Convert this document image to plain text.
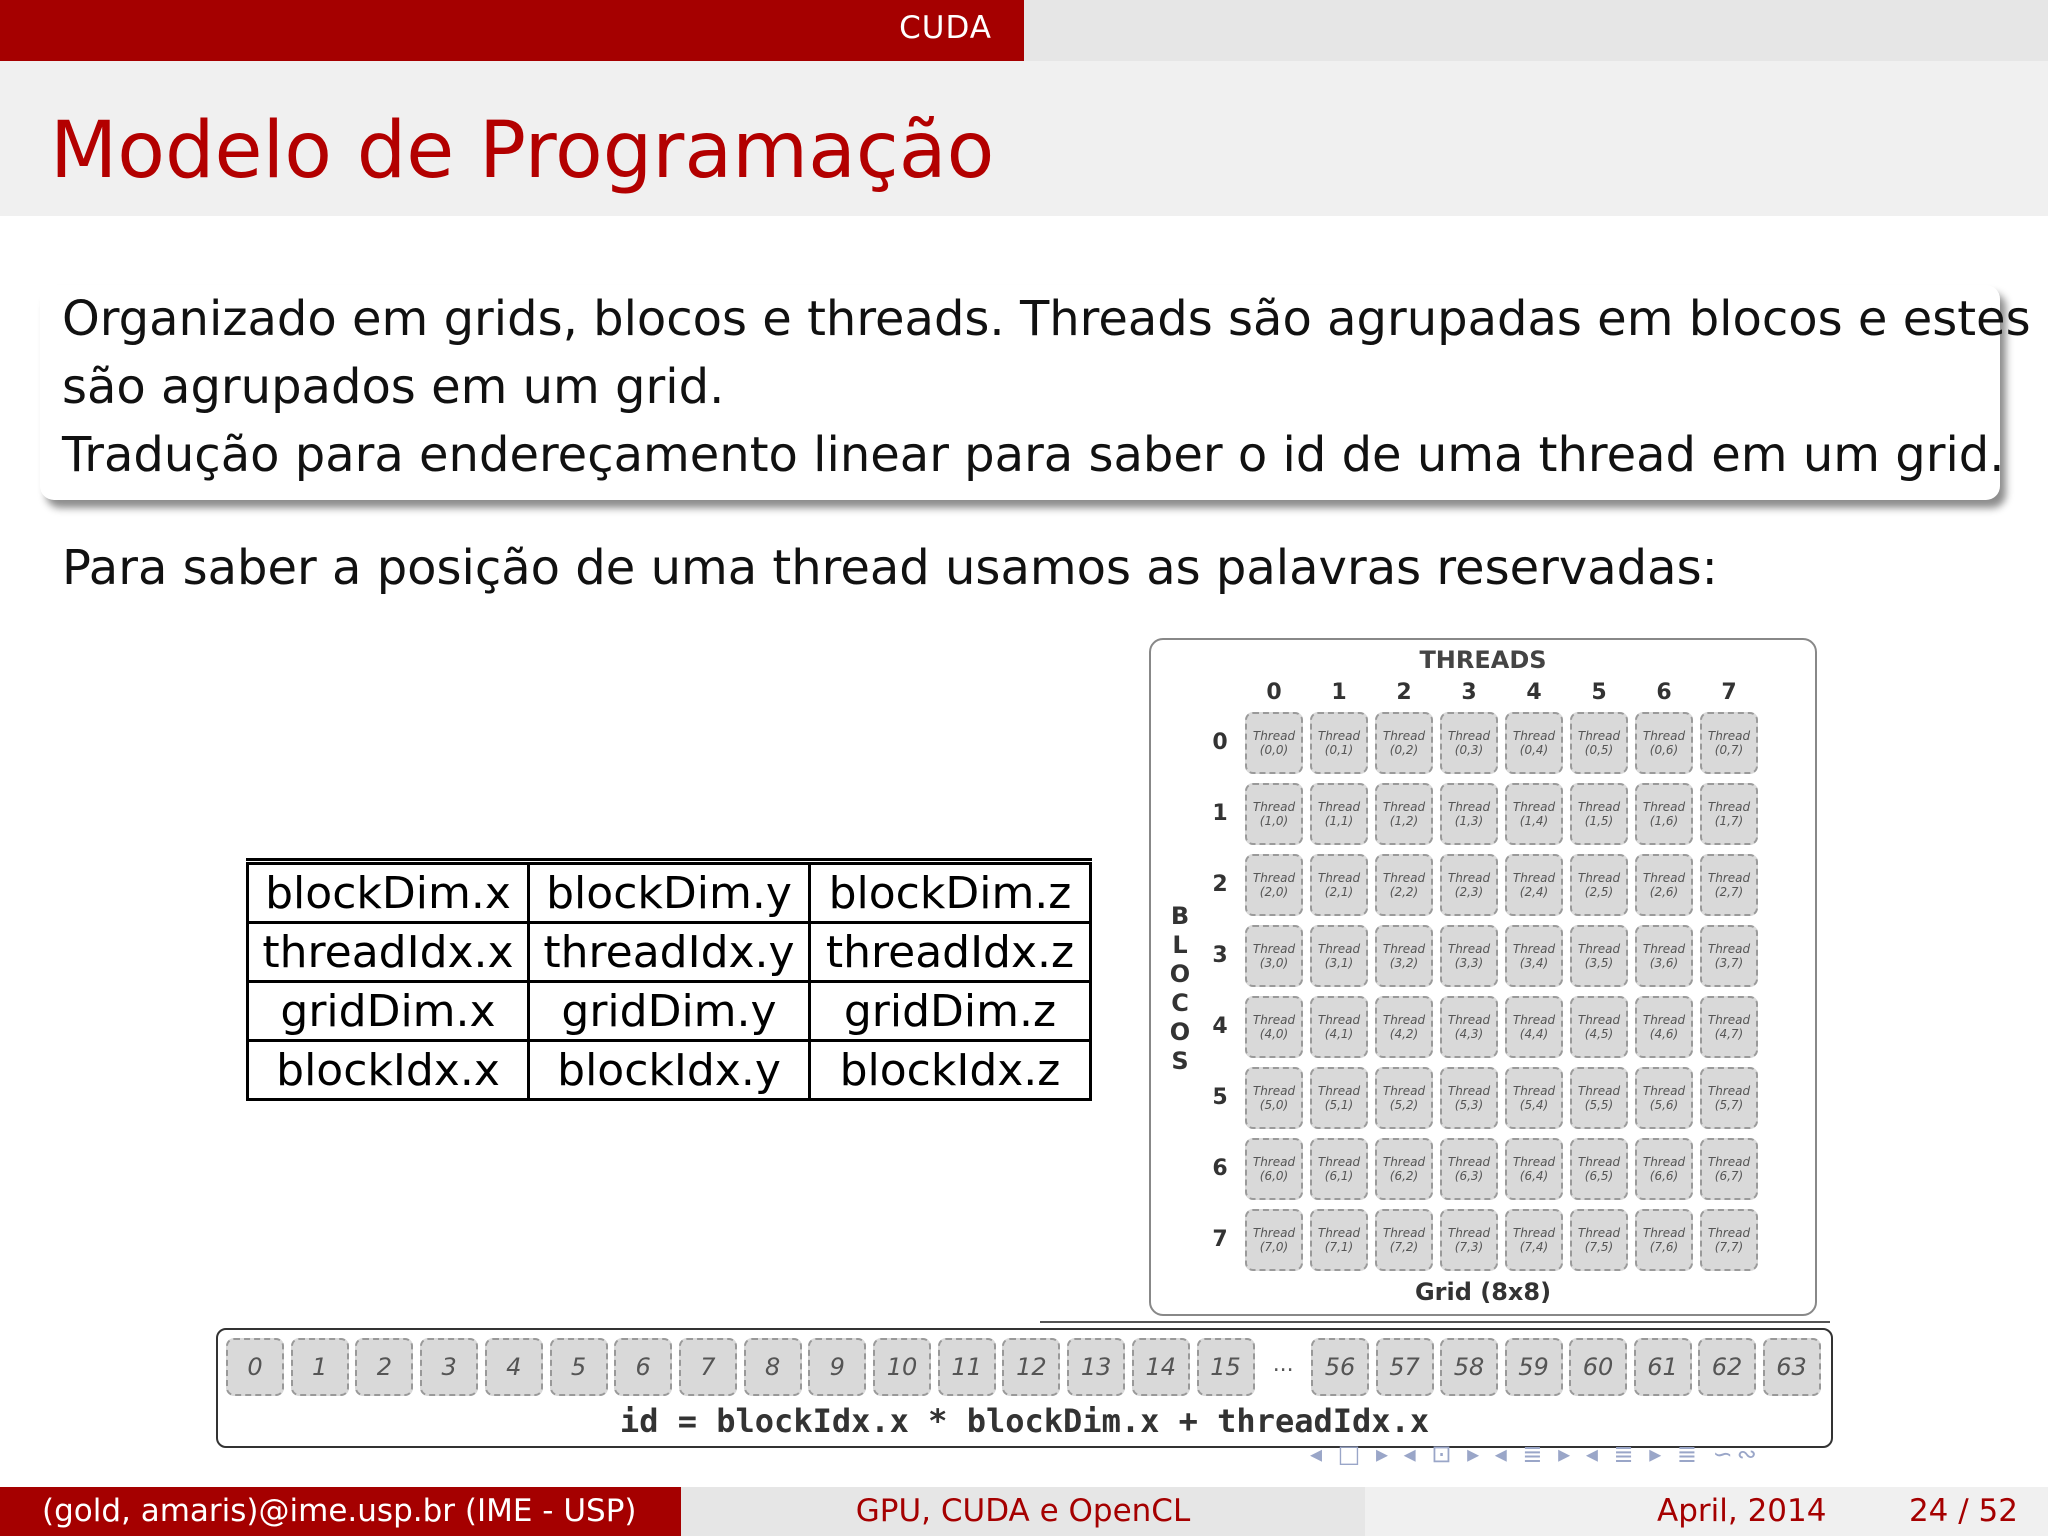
CUDA
Modelo de Programação

Organizado em grids, blocos e threads. Threads são agrupadas em blocos e estes

são agrupados em um grid.

Tradução para endereçamento linear para saber o id de uma thread em um grid.

Para saber a posição de uma thread usamos as palavras reservadas:
blockDim.x	blockDim.y	blockDim.z
threadIdx.x	threadIdx.y	threadIdx.z
gridDim.x	gridDim.y	gridDim.z
blockIdx.x	blockIdx.y	blockIdx.z
THREADS
B
L
O
C
O
S
0	1	2	3	4	5	6	7
0	Thread
(0,0)
Thread
(0,1)
Thread
(0,2)
Thread
(0,3)
Thread
(0,4)
Thread
(0,5)
Thread
(0,6)
Thread
(0,7)
1	Thread
(1,0)
Thread
(1,1)
Thread
(1,2)
Thread
(1,3)
Thread
(1,4)
Thread
(1,5)
Thread
(1,6)
Thread
(1,7)
2	Thread
(2,0)
Thread
(2,1)
Thread
(2,2)
Thread
(2,3)
Thread
(2,4)
Thread
(2,5)
Thread
(2,6)
Thread
(2,7)
3	Thread
(3,0)
Thread
(3,1)
Thread
(3,2)
Thread
(3,3)
Thread
(3,4)
Thread
(3,5)
Thread
(3,6)
Thread
(3,7)
4	Thread
(4,0)
Thread
(4,1)
Thread
(4,2)
Thread
(4,3)
Thread
(4,4)
Thread
(4,5)
Thread
(4,6)
Thread
(4,7)
5	Thread
(5,0)
Thread
(5,1)
Thread
(5,2)
Thread
(5,3)
Thread
(5,4)
Thread
(5,5)
Thread
(5,6)
Thread
(5,7)
6	Thread
(6,0)
Thread
(6,1)
Thread
(6,2)
Thread
(6,3)
Thread
(6,4)
Thread
(6,5)
Thread
(6,6)
Thread
(6,7)
7	Thread
(7,0)
Thread
(7,1)
Thread
(7,2)
Thread
(7,3)
Thread
(7,4)
Thread
(7,5)
Thread
(7,6)
Thread
(7,7)
Grid (8x8)
0	1	2	3	4	5	6	7	8	9	10	11	12	13	14	15	...	56	57	58	59	60	61	62	63
id = blockIdx.x * blockDim.x + threadIdx.x
◂ □ ▸ ◂ ⊡ ▸ ◂ ≣ ▸ ◂ ≣ ▸ ≣ ∽∾
(gold, amaris)@ime.usp.br (IME - USP)	GPU, CUDA e OpenCL	April, 2014	24 / 52
